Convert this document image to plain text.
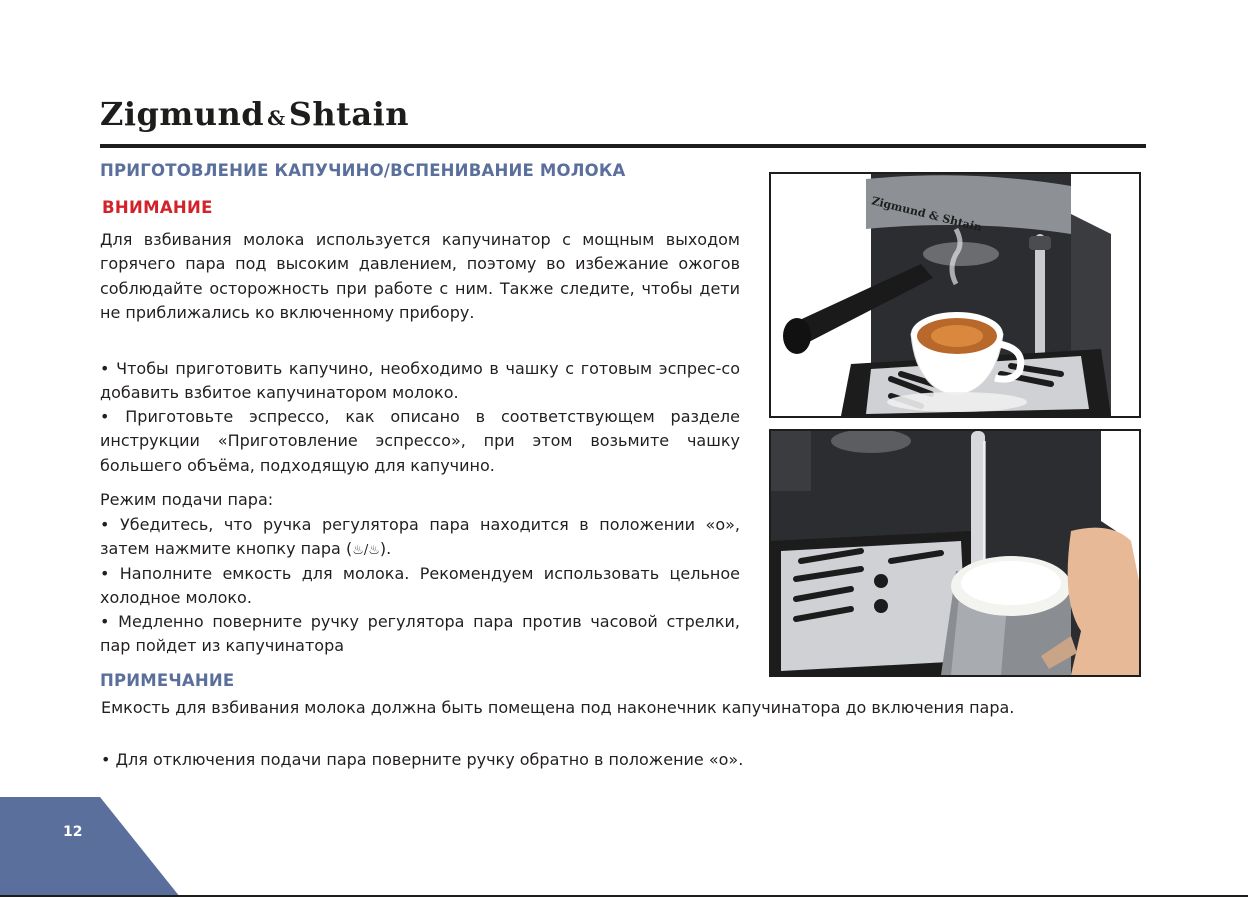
Zigmund &Shtain
ПРИГОТОВЛЕНИЕ КАПУЧИНО/ВСПЕНИВАНИЕ МОЛОКА
ВНИМАНИЕ

Для взбивания молока используется капучинатор с мощным выходом горячего пара под высоким давлением, поэтому во избежание ожогов соблюдайте осторожность при работе с ним. Также следите, чтобы дети не приближались ко включенному прибору.

• Чтобы приготовить капучино, необходимо в чашку с готовым эспрес-со добавить взбитое капучинатором молоко.

• Приготовьте эспрессо, как описано в соответствующем разделе инструкции «Приготовление эспрессо», при этом возьмите чашку большего объёма, подходящую для капучино.

Режим подачи пара:

• Убедитесь, что ручка регулятора пара находится в положении «о», затем нажмите кнопку пара (♨/♨).

• Наполните емкость для молока. Рекомендуем использовать цельное холодное молоко.

• Медленно поверните ручку регулятора пара против часовой стрелки, пар пойдет из капучинатора

ПРИМЕЧАНИЕ

Емкость для взбивания молока должна быть помещена под наконечник капучинатора до включения пара.

• Для отключения подачи пара поверните ручку обратно в положение «о».

Zigmund & Shtain
12
